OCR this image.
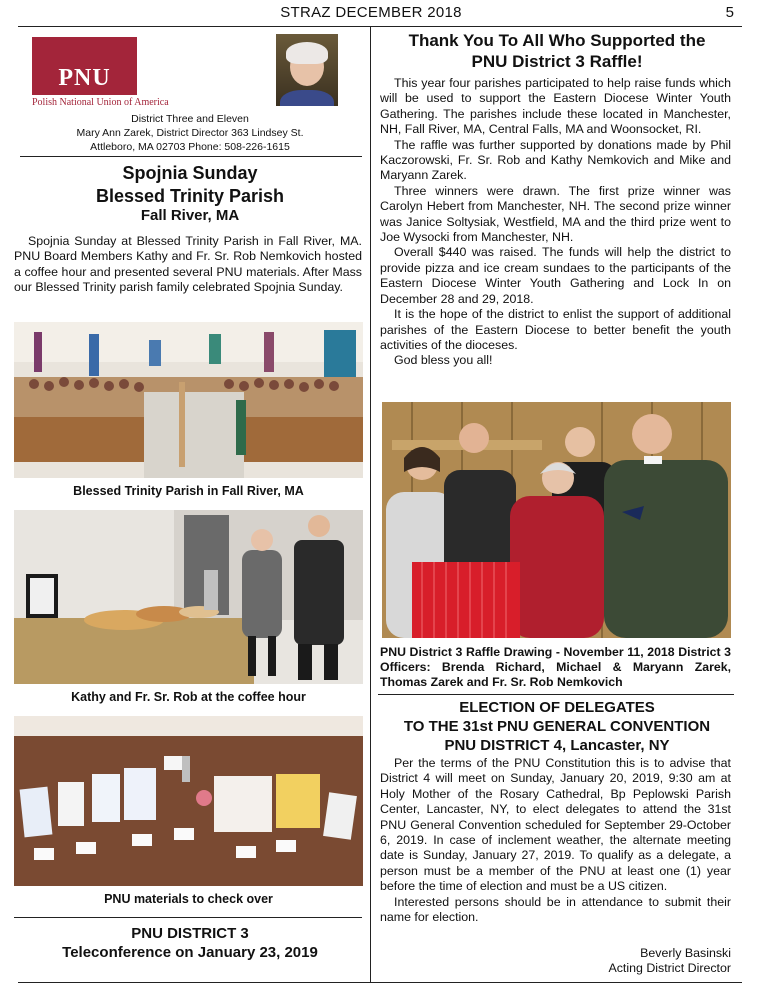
STRAZ DECEMBER 2018	5
PNU
Polish National Union of America
District Three and Eleven
Mary Ann Zarek, District Director 363 Lindsey St.
Attleboro, MA 02703 Phone: 508-226-1615
Spojnia Sunday
Blessed Trinity Parish
Fall River, MA

Spojnia Sunday at Blessed Trinity Parish in Fall River, MA. PNU Board Members Kathy and Fr. Sr. Rob Nemkovich hosted a coffee hour and presented several PNU materials. After Mass our Blessed Trinity parish family celebrated Spojnia Sunday.

Blessed Trinity Parish in Fall River, MA
Kathy and Fr. Sr. Rob at the coffee hour
PNU materials to check over
PNU DISTRICT 3
Teleconference on January 23, 2019
Thank You To All Who Supported the
PNU District 3 Raffle!

This year four parishes participated to help raise funds which will be used to support the Eastern Diocese Winter Youth Gathering. The parishes include these located in Manchester, NH, Fall River, MA, Central Falls, MA and Woonsocket, RI.

The raffle was further supported by donations made by Phil Kaczorowski, Fr. Sr. Rob and Kathy Nemkovich and Mike and Maryann Zarek.

Three winners were drawn. The first prize winner was Carolyn Hebert from Manchester, NH. The second prize winner was Janice Soltysiak, Westfield, MA and the third prize went to Joe Wysocki from Manchester, NH.

Overall $440 was raised. The funds will help the district to provide pizza and ice cream sundaes to the participants of the Eastern Diocese Winter Youth Gathering and Lock In on December 28 and 29, 2018.

It is the hope of the district to enlist the support of additional parishes of the Eastern Diocese to better benefit the youth activities of the dioceses.

God bless you all!

PNU District 3 Raffle Drawing - November 11, 2018 District 3 Officers: Brenda Richard, Michael & Maryann Zarek, Thomas Zarek and Fr. Sr. Rob Nemkovich
ELECTION OF DELEGATES
TO THE 31st PNU GENERAL CONVENTION
PNU DISTRICT 4, Lancaster, NY

Per the terms of the PNU Constitution this is to advise that District 4 will meet on Sunday, January 20, 2019, 9:30 am at Holy Mother of the Rosary Cathedral, Bp Peplowski Parish Center, Lancaster, NY, to elect delegates to attend the 31st PNU General Convention scheduled for September 29-October 6, 2019. In case of inclement weather, the alternate meeting date is Sunday, January 27, 2019. To qualify as a delegate, a person must be a member of the PNU at least one (1) year before the time of election and must be a US citizen.

Interested persons should be in attendance to submit their name for election.

Beverly Basinski
Acting District Director
